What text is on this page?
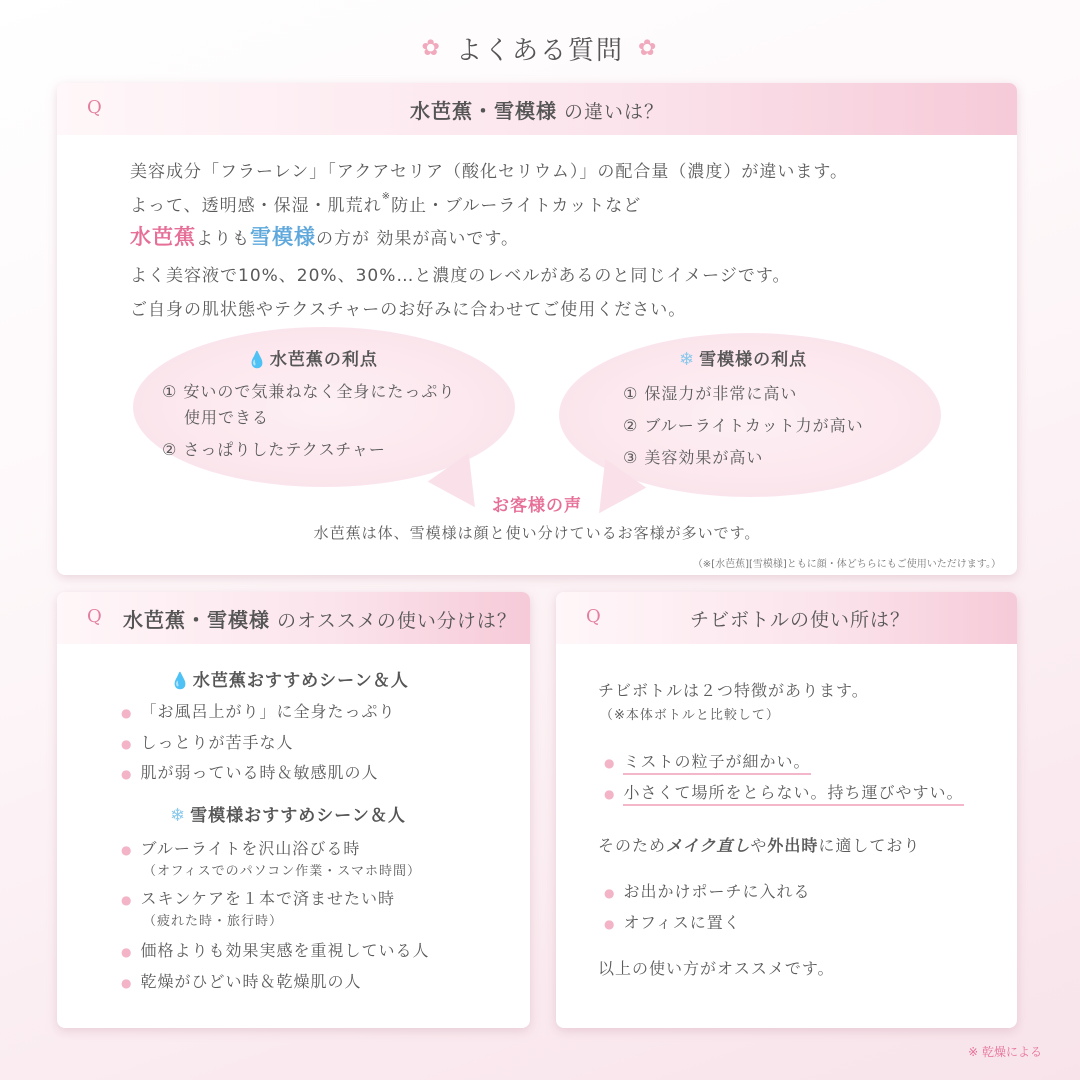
✿ よくある質問 ✿
Q	水芭蕉・雪模様 の違いは？
美容成分「フラーレン」「アクアセリア（酸化セリウム）」の配合量（濃度）が違います。
よって、透明感・保湿・肌荒れ※防止・ブルーライトカットなど
水芭蕉よりも雪模様の方が 効果が高いです。
よく美容液で10%、20%、30%…と濃度のレベルがあるのと同じイメージです。
ご自身の肌状態やテクスチャーのお好みに合わせてご使用ください。
💧 水芭蕉の利点
① 安いので気兼ねなく全身にたっぷり
使用できる
② さっぱりしたテクスチャー
❄ 雪模様の利点
① 保湿力が非常に高い
② ブルーライトカット力が高い
③ 美容効果が高い
お客様の声
水芭蕉は体、雪模様は顔と使い分けているお客様が多いです。
（※[水芭蕉][雪模様]ともに顔・体どちらにもご使用いただけます。）
Q 水芭蕉・雪模様 のオススメの使い分けは？
💧 水芭蕉おすすめシーン＆人
● 「お風呂上がり」に全身たっぷり
● しっとりが苦手な人
● 肌が弱っている時＆敏感肌の人
❄ 雪模様おすすめシーン＆人
● ブルーライトを沢山浴びる時
（オフィスでのパソコン作業・スマホ時間）
● スキンケアを１本で済ませたい時
（疲れた時・旅行時）
● 価格よりも効果実感を重視している人
● 乾燥がひどい時＆乾燥肌の人
Q	チビボトルの使い所は？
チビボトルは２つ特徴があります。
（※本体ボトルと比較して）
● ミストの粒子が細かい。
● 小さくて場所をとらない。持ち運びやすい。
そのためメイク直しや外出時に適しており
● お出かけポーチに入れる
● オフィスに置く
以上の使い方がオススメです。
※ 乾燥による
